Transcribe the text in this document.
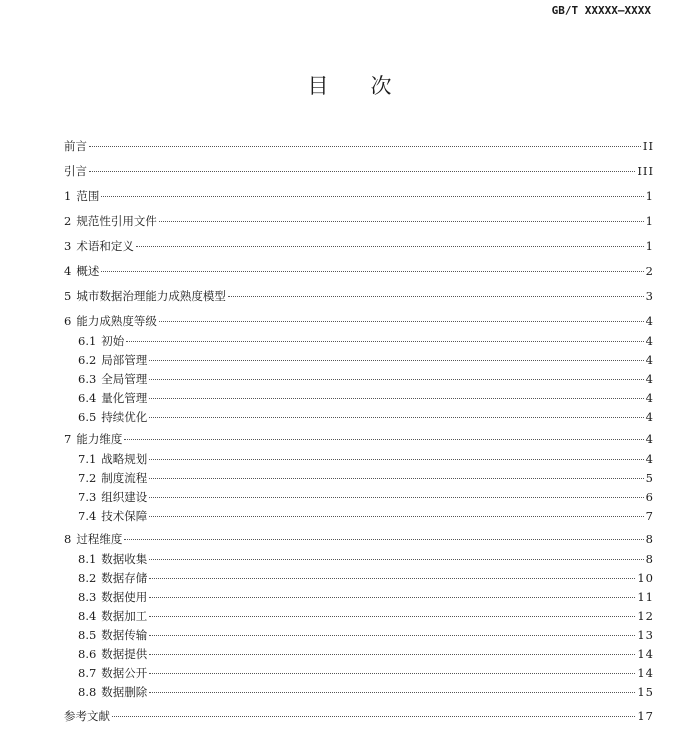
GB/T XXXXX—XXXX
目　　次
前言	II
引言	III
1 范围	1
2 规范性引用文件	1
3 术语和定义	1
4 概述	2
5 城市数据治理能力成熟度模型	3
6 能力成熟度等级	4
6.1 初始	4
6.2 局部管理	4
6.3 全局管理	4
6.4 量化管理	4
6.5 持续优化	4
7 能力维度	4
7.1 战略规划	4
7.2 制度流程	5
7.3 组织建设	6
7.4 技术保障	7
8 过程维度	8
8.1 数据收集	8
8.2 数据存储	10
8.3 数据使用	11
8.4 数据加工	12
8.5 数据传输	13
8.6 数据提供	14
8.7 数据公开	14
8.8 数据删除	15
参考文献	17
